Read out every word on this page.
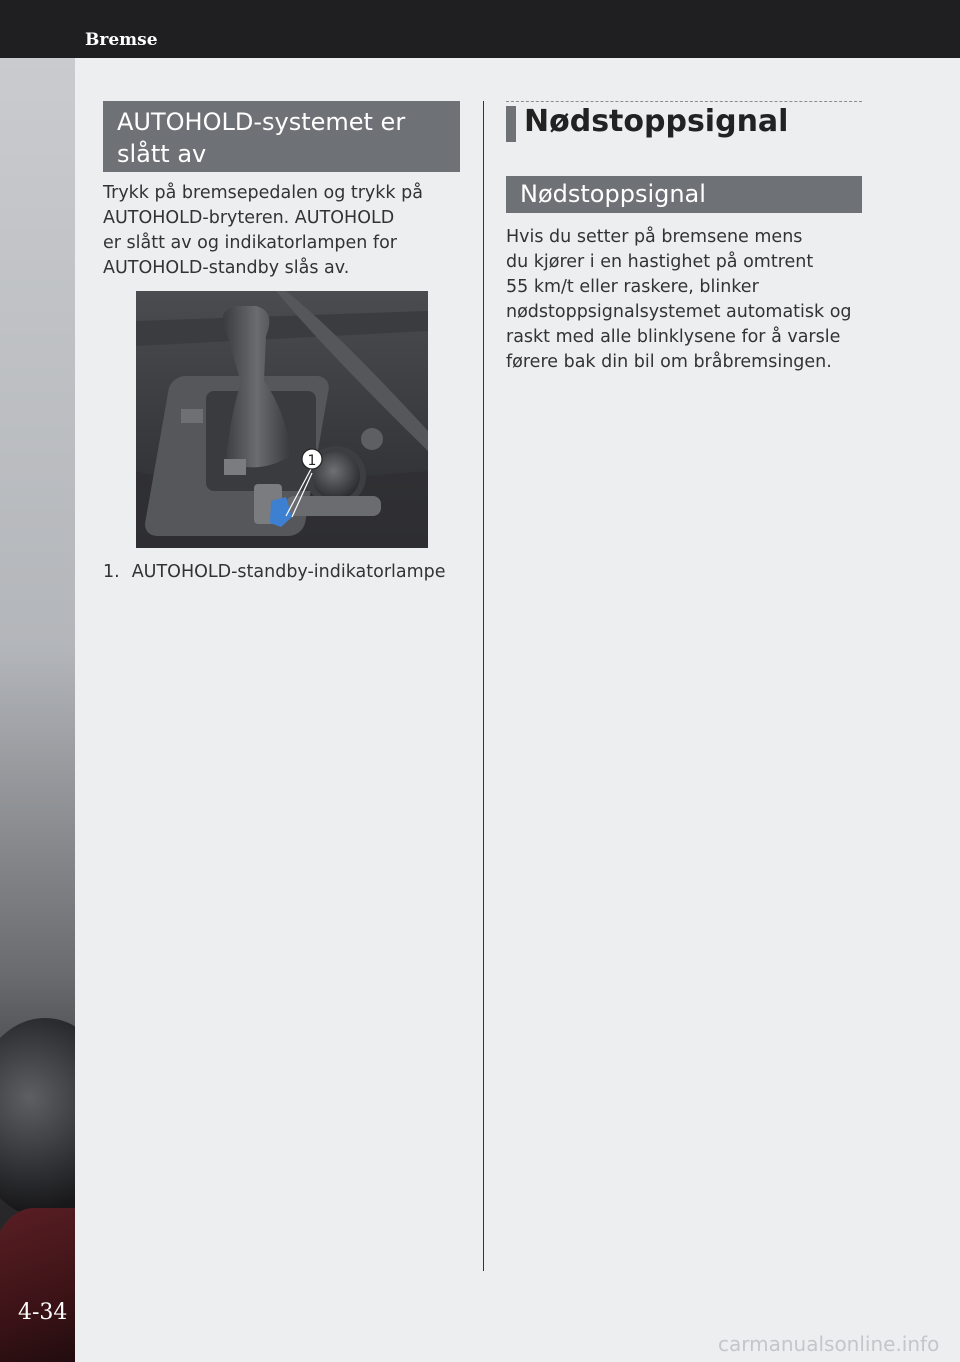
Bremse
4-34
AUTOHOLD-systemet er
slått av
Trykk på bremsepedalen og trykk på
AUTOHOLD-bryteren. AUTOHOLD
er slått av og indikatorlampen for
AUTOHOLD-standby slås av.
1
1. AUTOHOLD-standby-indikatorlampe
Nødstoppsignal
Nødstoppsignal
Hvis du setter på bremsene mens
du kjører i en hastighet på omtrent
55 km/t eller raskere, blinker
nødstoppsignalsystemet automatisk og
raskt med alle blinklysene for å varsle
førere bak din bil om bråbremsingen.
carmanualsonline.info
